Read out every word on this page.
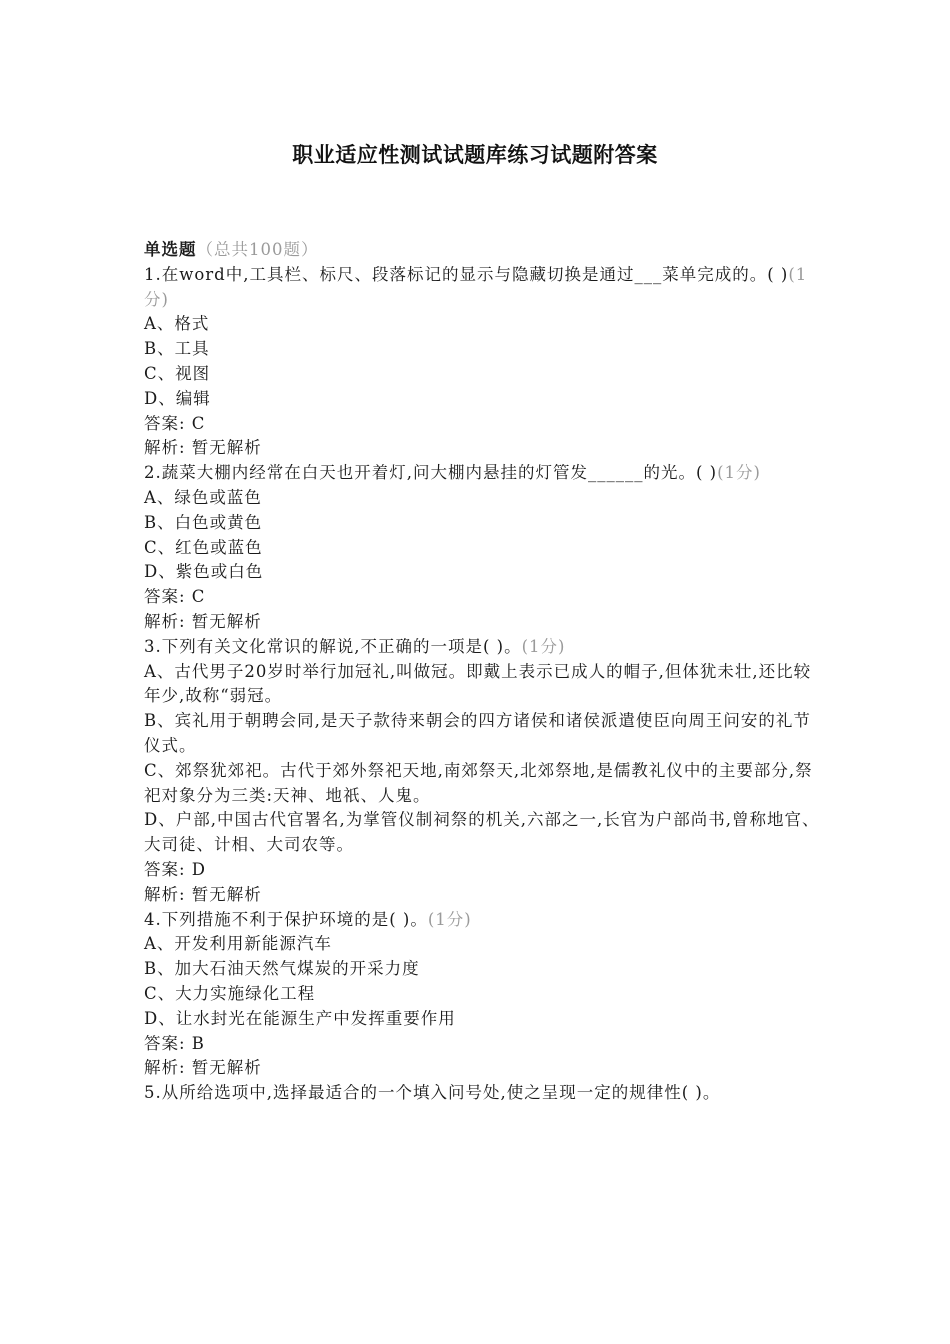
职业适应性测试试题库练习试题附答案
单选题（总共100题）
1.在word中,工具栏、标尺、段落标记的显示与隐藏切换是通过___菜单完成的。( )(1分)
A、格式
B、工具
C、视图
D、编辑
答案: C
解析: 暂无解析
2.蔬菜大棚内经常在白天也开着灯,问大棚内悬挂的灯管发______的光。( )(1分)
A、绿色或蓝色
B、白色或黄色
C、红色或蓝色
D、紫色或白色
答案: C
解析: 暂无解析
3.下列有关文化常识的解说,不正确的一项是( )。(1分)
A、古代男子20岁时举行加冠礼,叫做冠。即戴上表示已成人的帽子,但体犹未壮,还比较年少,故称“弱冠。
B、宾礼用于朝聘会同,是天子款待来朝会的四方诸侯和诸侯派遣使臣向周王问安的礼节仪式。
C、郊祭犹郊祀。古代于郊外祭祀天地,南郊祭天,北郊祭地,是儒教礼仪中的主要部分,祭祀对象分为三类:天神、地祇、人鬼。
D、户部,中国古代官署名,为掌管仪制祠祭的机关,六部之一,长官为户部尚书,曾称地官、大司徒、计相、大司农等。
答案: D
解析: 暂无解析
4.下列措施不利于保护环境的是( )。(1分)
A、开发利用新能源汽车
B、加大石油天然气煤炭的开采力度
C、大力实施绿化工程
D、让水封光在能源生产中发挥重要作用
答案: B
解析: 暂无解析
5.从所给选项中,选择最适合的一个填入问号处,使之呈现一定的规律性( )。
